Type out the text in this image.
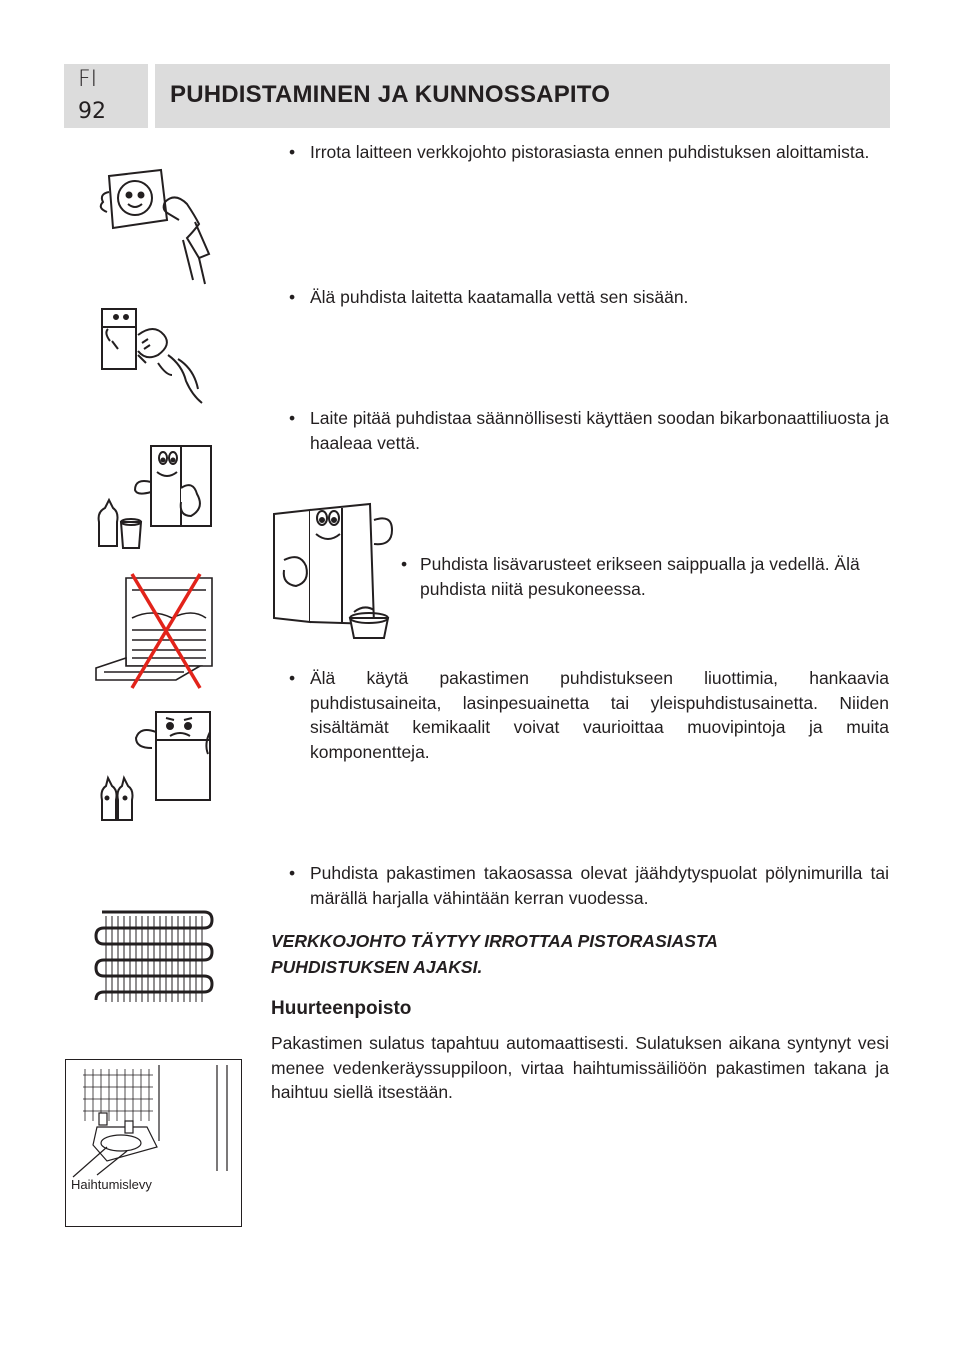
FI
92
PUHDISTAMINEN JA KUNNOSSAPITO
• Irrota laitteen verkkojohto pistorasiasta ennen puhdistuksen aloittamista.
• Älä puhdista laitetta kaatamalla vettä sen sisään.
• Laite pitää puhdistaa säännöllisesti käyttäen soodan bikarbonaattiliuosta ja haaleaa vettä.
• Puhdista lisävarusteet erikseen saippualla ja vedellä. Älä puhdista niitä pesukoneessa.
• Älä käytä pakastimen puhdistukseen liuottimia, hankaavia puhdistusaineita, lasinpesuainetta tai yleispuhdistusainetta. Niiden sisältämät kemikaalit voivat vaurioittaa muovipintoja ja muita komponentteja.
• Puhdista pakastimen takaosassa olevat jäähdytyspuolat pölynimurilla tai märällä harjalla vähintään kerran vuodessa.
VERKKOJOHTO TÄYTYY IRROTTAA PISTORASIASTA PUHDISTUKSEN AJAKSI.
Huurteenpoisto
Pakastimen sulatus tapahtuu automaattisesti. Sulatuksen aikana syntynyt vesi menee vedenkeräyssuppiloon, virtaa haihtumissäiliöön pakastimen takana ja haihtuu siellä itsestään.
Haihtumislevy
